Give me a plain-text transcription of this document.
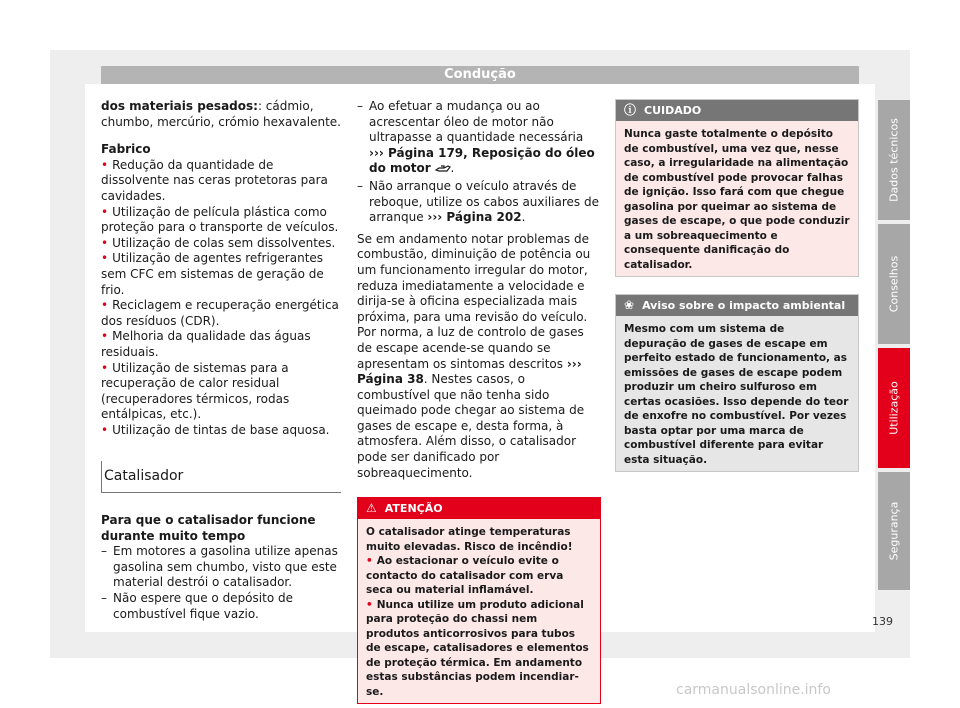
Condução

dos materiais pesados:: cádmio, chumbo, mercúrio, crómio hexavalente.

Fabrico

• Redução da quantidade de dissolvente nas ceras protetoras para cavidades.

• Utilização de película plástica como proteção para o transporte de veículos.

• Utilização de colas sem dissolventes.

• Utilização de agentes refrigerantes sem CFC em sistemas de geração de frio.

• Reciclagem e recuperação energética dos resíduos (CDR).

• Melhoria da qualidade das águas residuais.

• Utilização de sistemas para a recuperação de calor residual (recuperadores térmicos, rodas entálpicas, etc.).

• Utilização de tintas de base aquosa.

Catalisador

Para que o catalisador funcione durante muito tempo

– Em motores a gasolina utilize apenas gasolina sem chumbo, visto que este material destrói o catalisador.

– Não espere que o depósito de combustível fique vazio.

– Ao efetuar a mudança ou ao acrescentar óleo de motor não ultrapasse a quantidade necessária ››› Página 179, Reposição do óleo do motor .

– Não arranque o veículo através de reboque, utilize os cabos auxiliares de arranque ››› Página 202.

Se em andamento notar problemas de combustão, diminuição de potência ou um funcionamento irregular do motor, reduza imediatamente a velocidade e dirija-se à oficina especializada mais próxima, para uma revisão do veículo. Por norma, a luz de controlo de gases de escape acende-se quando se apresentam os sintomas descritos ››› Página 38. Nestes casos, o combustível que não tenha sido queimado pode chegar ao sistema de gases de escape e, desta forma, à atmosfera. Além disso, o catalisador pode ser danificado por sobreaquecimento.

⚠ ATENÇÃO

O catalisador atinge temperaturas muito elevadas. Risco de incêndio!

• Ao estacionar o veículo evite o contacto do catalisador com erva seca ou material inflamável.

• Nunca utilize um produto adicional para proteção do chassi nem produtos anticorrosivos para tubos de escape, catalisadores e elementos de proteção térmica. Em andamento estas substâncias podem incendiar-se.

ⓘ CUIDADO
Nunca gaste totalmente o depósito de combustível, uma vez que, nesse caso, a irregularidade na alimentação de combustível pode provocar falhas de ignição. Isso fará com que chegue gasolina por queimar ao sistema de gases de escape, o que pode conduzir a um sobreaquecimento e consequente danificação do catalisador.
❀ Aviso sobre o impacto ambiental
Mesmo com um sistema de depuração de gases de escape em perfeito estado de funcionamento, as emissões de gases de escape podem produzir um cheiro sulfuroso em certas ocasiões. Isso depende do teor de enxofre no combustível. Por vezes basta optar por uma marca de combustível diferente para evitar esta situação.
Dados técnicos
Conselhos
Utilização
Segurança
139
carmanualsonline.info
